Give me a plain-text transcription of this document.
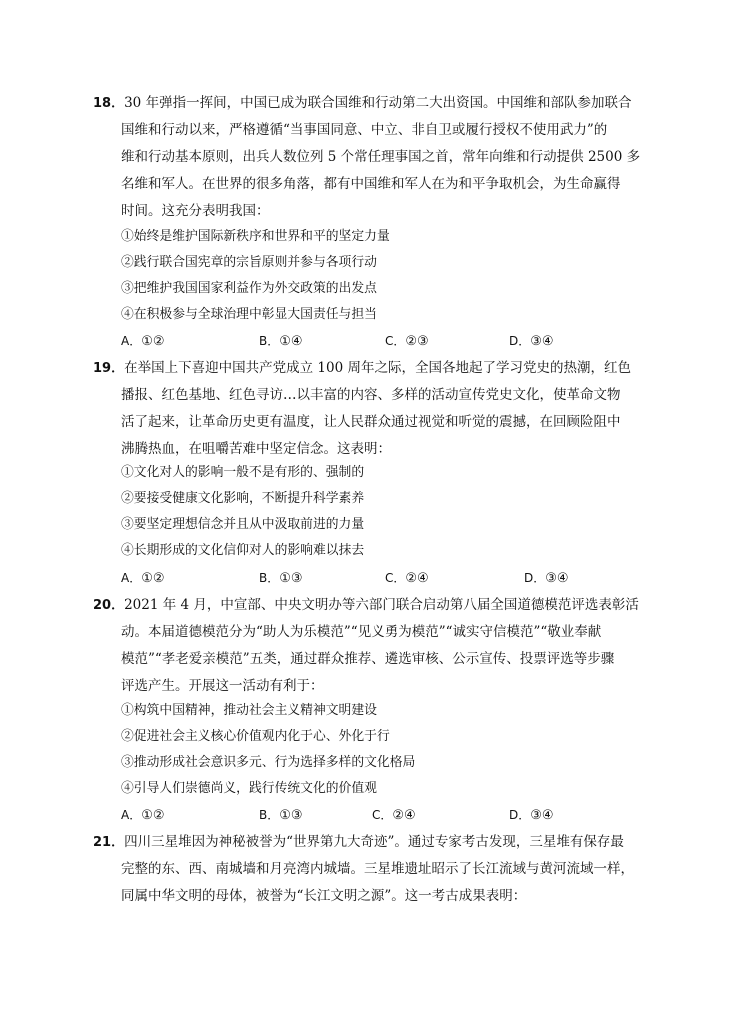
18．30 年弹指一挥间，中国已成为联合国维和行动第二大出资国。中国维和部队参加联合
国维和行动以来，严格遵循“当事国同意、中立、非自卫或履行授权不使用武力”的
维和行动基本原则，出兵人数位列 5 个常任理事国之首，常年向维和行动提供 2500 多
名维和军人。在世界的很多角落，都有中国维和军人在为和平争取机会，为生命赢得
时间。这充分表明我国：
①始终是维护国际新秩序和世界和平的坚定力量
②践行联合国宪章的宗旨原则并参与各项行动
③把维护我国国家利益作为外交政策的出发点
④在积极参与全球治理中彰显大国责任与担当
A．①②	B．①④	C．②③	D．③④
19．在举国上下喜迎中国共产党成立 100 周年之际，全国各地起了学习党史的热潮，红色
播报、红色基地、红色寻访…以丰富的内容、多样的活动宣传党史文化，使革命文物
活了起来，让革命历史更有温度，让人民群众通过视觉和听觉的震撼，在回顾险阻中
沸腾热血，在咀嚼苦难中坚定信念。这表明：
①文化对人的影响一般不是有形的、强制的
②要接受健康文化影响，不断提升科学素养
③要坚定理想信念并且从中汲取前进的力量
④长期形成的文化信仰对人的影响难以抹去
A．①②	B．①③	C．②④	D．③④
20．2021 年 4 月，中宣部、中央文明办等六部门联合启动第八届全国道德模范评选表彰活
动。本届道德模范分为“助人为乐模范”“见义勇为模范”“诚实守信模范”“敬业奉献
模范”“孝老爱亲模范”五类，通过群众推荐、遴选审核、公示宣传、投票评选等步骤
评选产生。开展这一活动有利于：
①构筑中国精神，推动社会主义精神文明建设
②促进社会主义核心价值观内化于心、外化于行
③推动形成社会意识多元、行为选择多样的文化格局
④引导人们崇德尚义，践行传统文化的价值观
A．①②	B．①③	C．②④	D．③④
21．四川三星堆因为神秘被誉为“世界第九大奇迹”。通过专家考古发现，三星堆有保存最
完整的东、西、南城墙和月亮湾内城墙。三星堆遗址昭示了长江流域与黄河流域一样，
同属中华文明的母体，被誉为“长江文明之源”。这一考古成果表明：
